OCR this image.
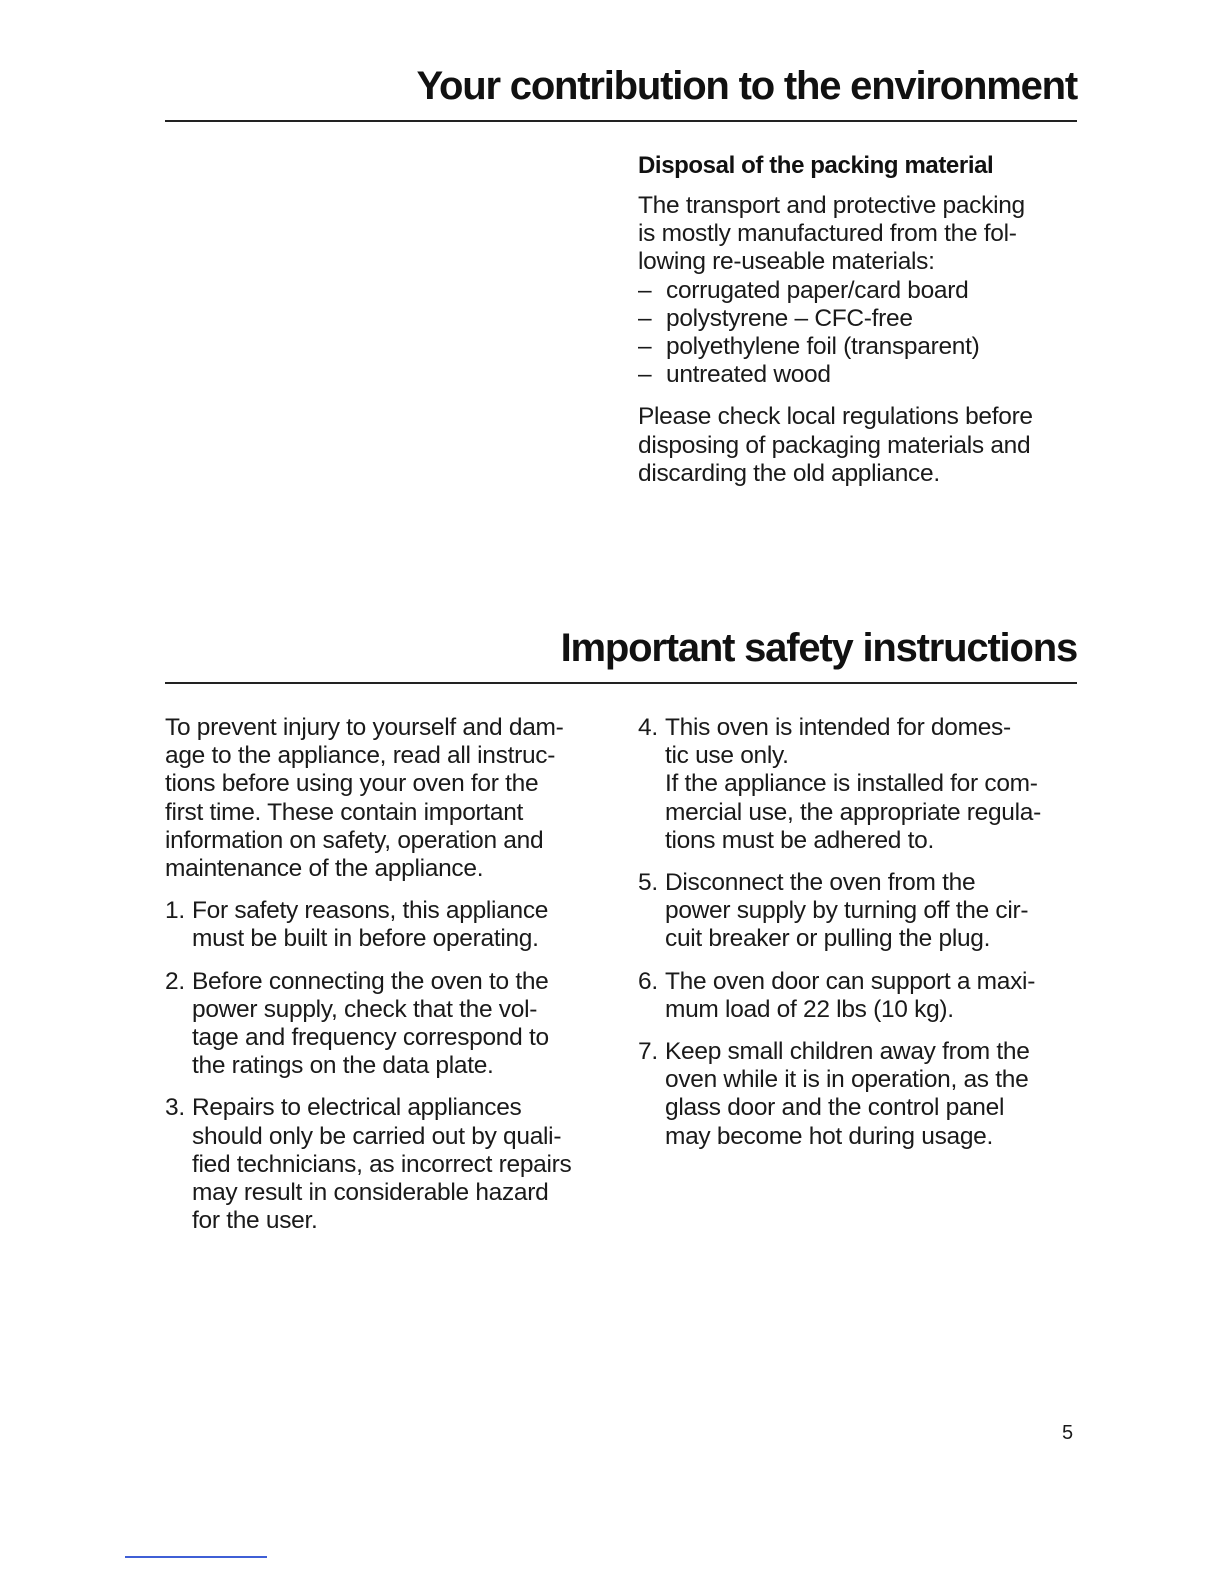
Your contribution to the environment
Disposal of the packing material

The transport and protective packing
is mostly manufactured from the fol-
lowing re-useable materials:

– corrugated paper/card board
– polystyrene – CFC-free
– polyethylene foil (transparent)
– untreated wood

Please check local regulations before
disposing of packaging materials and
discarding the old appliance.

Important safety instructions

To prevent injury to yourself and dam-
age to the appliance, read all instruc-
tions before using your oven for the
first time. These contain important
information on safety, operation and
maintenance of the appliance.

1. For safety reasons, this appliance
must be built in before operating.
2. Before connecting the oven to the
power supply, check that the vol-
tage and frequency correspond to
the ratings on the data plate.
3. Repairs to electrical appliances
should only be carried out by quali-
fied technicians, as incorrect repairs
may result in considerable hazard
for the user.
4. This oven is intended for domes-
tic use only.
If the appliance is installed for com-
mercial use, the appropriate regula-
tions must be adhered to.
5. Disconnect the oven from the
power supply by turning off the cir-
cuit breaker or pulling the plug.
6. The oven door can support a maxi-
mum load of 22 lbs (10 kg).
7. Keep small children away from the
oven while it is in operation, as the
glass door and the control panel
may become hot during usage.
5
